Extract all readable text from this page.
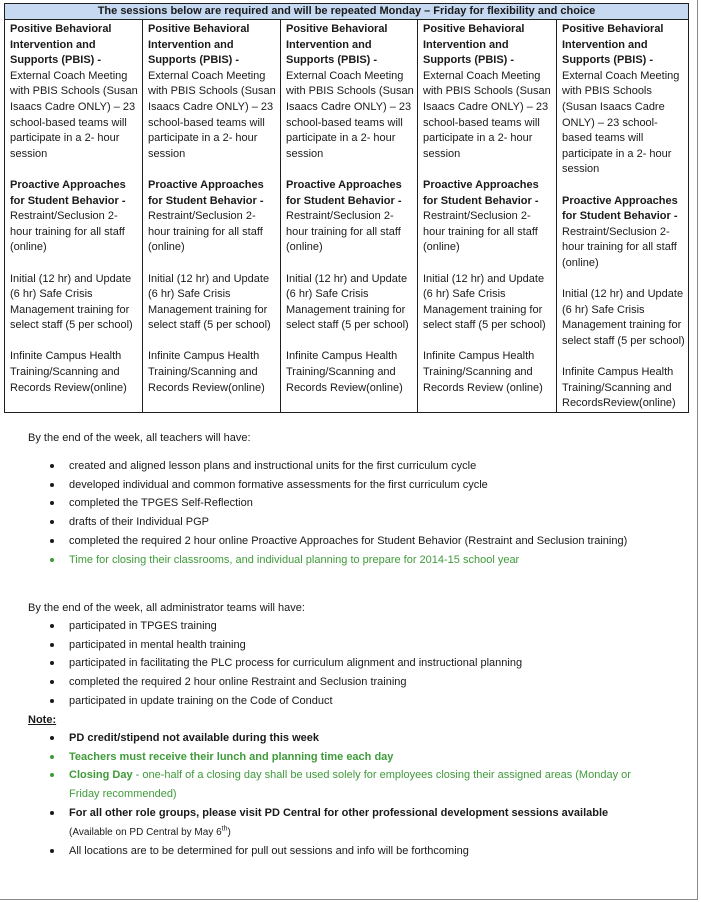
The sessions below are required and will be repeated Monday – Friday for flexibility and choice

Positive Behavioral Intervention and Supports (PBIS) -
External Coach Meeting with PBIS Schools (Susan Isaacs Cadre ONLY) – 23 school-based teams will participate in a 2- hour session
Proactive Approaches for Student Behavior -
Restraint/Seclusion 2- hour training for all staff (online)
Initial (12 hr) and Update (6 hr) Safe Crisis Management training for select staff (5 per school)
Infinite Campus Health Training/Scanning and Records Review(online)

Positive Behavioral Intervention and Supports (PBIS) -
External Coach Meeting with PBIS Schools (Susan Isaacs Cadre ONLY) – 23 school-based teams will participate in a 2- hour session
Proactive Approaches for Student Behavior -
Restraint/Seclusion 2- hour training for all staff (online)
Initial (12 hr) and Update (6 hr) Safe Crisis Management training for select staff (5 per school)
Infinite Campus Health Training/Scanning and Records Review(online)

Positive Behavioral Intervention and Supports (PBIS) -
External Coach Meeting with PBIS Schools (Susan Isaacs Cadre ONLY) – 23 school-based teams will participate in a 2- hour session
Proactive Approaches for Student Behavior -
Restraint/Seclusion 2- hour training for all staff (online)
Initial (12 hr) and Update (6 hr) Safe Crisis Management training for select staff (5 per school)
Infinite Campus Health Training/Scanning and Records Review(online)

Positive Behavioral Intervention and Supports (PBIS) -
External Coach Meeting with PBIS Schools (Susan Isaacs Cadre ONLY) – 23 school-based teams will participate in a 2- hour session
Proactive Approaches for Student Behavior -
Restraint/Seclusion 2- hour training for all staff (online)
Initial (12 hr) and Update (6 hr) Safe Crisis Management training for select staff (5 per school)
Infinite Campus Health Training/Scanning and Records Review (online)

Positive Behavioral Intervention and Supports (PBIS) -
External Coach Meeting with PBIS Schools (Susan Isaacs Cadre ONLY) – 23 school-based teams will participate in a 2- hour session
Proactive Approaches for Student Behavior -
Restraint/Seclusion 2- hour training for all staff (online)
Initial (12 hr) and Update (6 hr) Safe Crisis Management training for select staff (5 per school)
Infinite Campus Health Training/Scanning and RecordsReview(online)
By the end of the week, all teachers will have:
created and aligned lesson plans and instructional units for the first curriculum cycle
developed individual and common formative assessments for the first curriculum cycle
completed the TPGES Self-Reflection
drafts of their Individual PGP
completed the required 2 hour online Proactive Approaches for Student Behavior (Restraint and Seclusion training)
Time for closing their classrooms, and individual planning to prepare for 2014-15 school year
By the end of the week, all administrator teams will have:
participated in TPGES training
participated in mental health training
participated in facilitating the PLC process for curriculum alignment and instructional planning
completed the required 2 hour online Restraint and Seclusion training
participated in update training on the Code of Conduct
Note:
PD credit/stipend not available during this week
Teachers must receive their lunch and planning time each day
Closing Day - one-half of a closing day shall be used solely for employees closing their assigned areas (Monday or Friday recommended)
For all other role groups, please visit PD Central for other professional development sessions available
(Available on PD Central by May 6th)
All locations are to be determined for pull out sessions and info will be forthcoming
